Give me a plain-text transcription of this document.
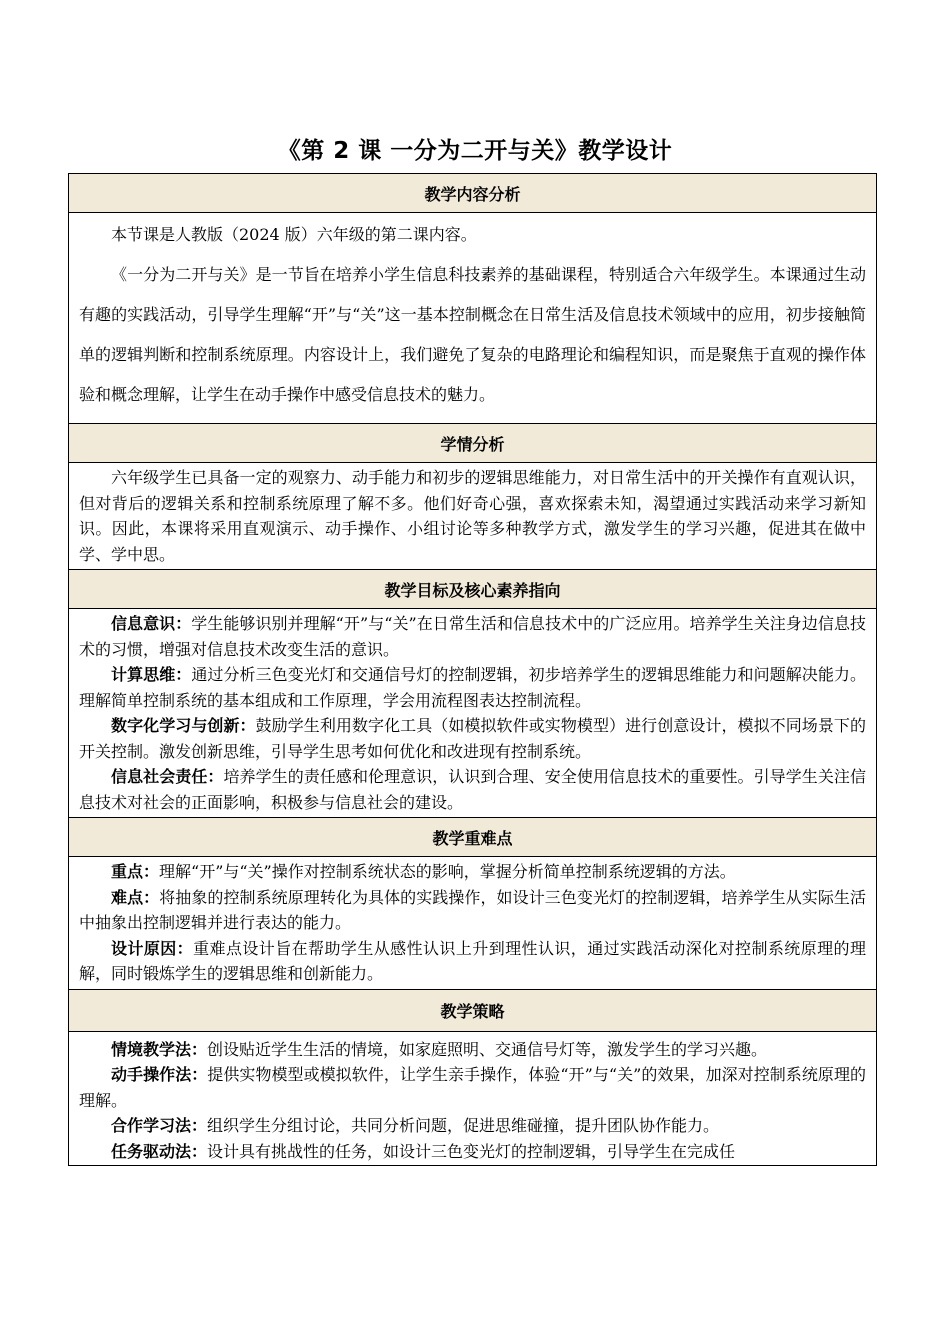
《第 2 课 一分为二开与关》教学设计
教学内容分析

本节课是人教版（2024 版）六年级的第二课内容。

《一分为二开与关》是一节旨在培养小学生信息科技素养的基础课程，特别适合六年级学生。本课通过生动有趣的实践活动，引导学生理解“开”与“关”这一基本控制概念在日常生活及信息技术领域中的应用，初步接触简单的逻辑判断和控制系统原理。内容设计上，我们避免了复杂的电路理论和编程知识，而是聚焦于直观的操作体验和概念理解，让学生在动手操作中感受信息技术的魅力。

学情分析

六年级学生已具备一定的观察力、动手能力和初步的逻辑思维能力，对日常生活中的开关操作有直观认识，但对背后的逻辑关系和控制系统原理了解不多。他们好奇心强，喜欢探索未知，渴望通过实践活动来学习新知识。因此，本课将采用直观演示、动手操作、小组讨论等多种教学方式，激发学生的学习兴趣，促进其在做中学、学中思。

教学目标及核心素养指向

信息意识：学生能够识别并理解“开”与“关”在日常生活和信息技术中的广泛应用。培养学生关注身边信息技术的习惯，增强对信息技术改变生活的意识。

计算思维：通过分析三色变光灯和交通信号灯的控制逻辑，初步培养学生的逻辑思维能力和问题解决能力。理解简单控制系统的基本组成和工作原理，学会用流程图表达控制流程。

数字化学习与创新：鼓励学生利用数字化工具（如模拟软件或实物模型）进行创意设计，模拟不同场景下的开关控制。激发创新思维，引导学生思考如何优化和改进现有控制系统。

信息社会责任：培养学生的责任感和伦理意识，认识到合理、安全使用信息技术的重要性。引导学生关注信息技术对社会的正面影响，积极参与信息社会的建设。

教学重难点

重点：理解“开”与“关”操作对控制系统状态的影响，掌握分析简单控制系统逻辑的方法。

难点：将抽象的控制系统原理转化为具体的实践操作，如设计三色变光灯的控制逻辑，培养学生从实际生活中抽象出控制逻辑并进行表达的能力。

设计原因：重难点设计旨在帮助学生从感性认识上升到理性认识，通过实践活动深化对控制系统原理的理解，同时锻炼学生的逻辑思维和创新能力。

教学策略

情境教学法：创设贴近学生生活的情境，如家庭照明、交通信号灯等，激发学生的学习兴趣。

动手操作法：提供实物模型或模拟软件，让学生亲手操作，体验“开”与“关”的效果，加深对控制系统原理的理解。

合作学习法：组织学生分组讨论，共同分析问题，促进思维碰撞，提升团队协作能力。

任务驱动法：设计具有挑战性的任务，如设计三色变光灯的控制逻辑，引导学生在完成任
